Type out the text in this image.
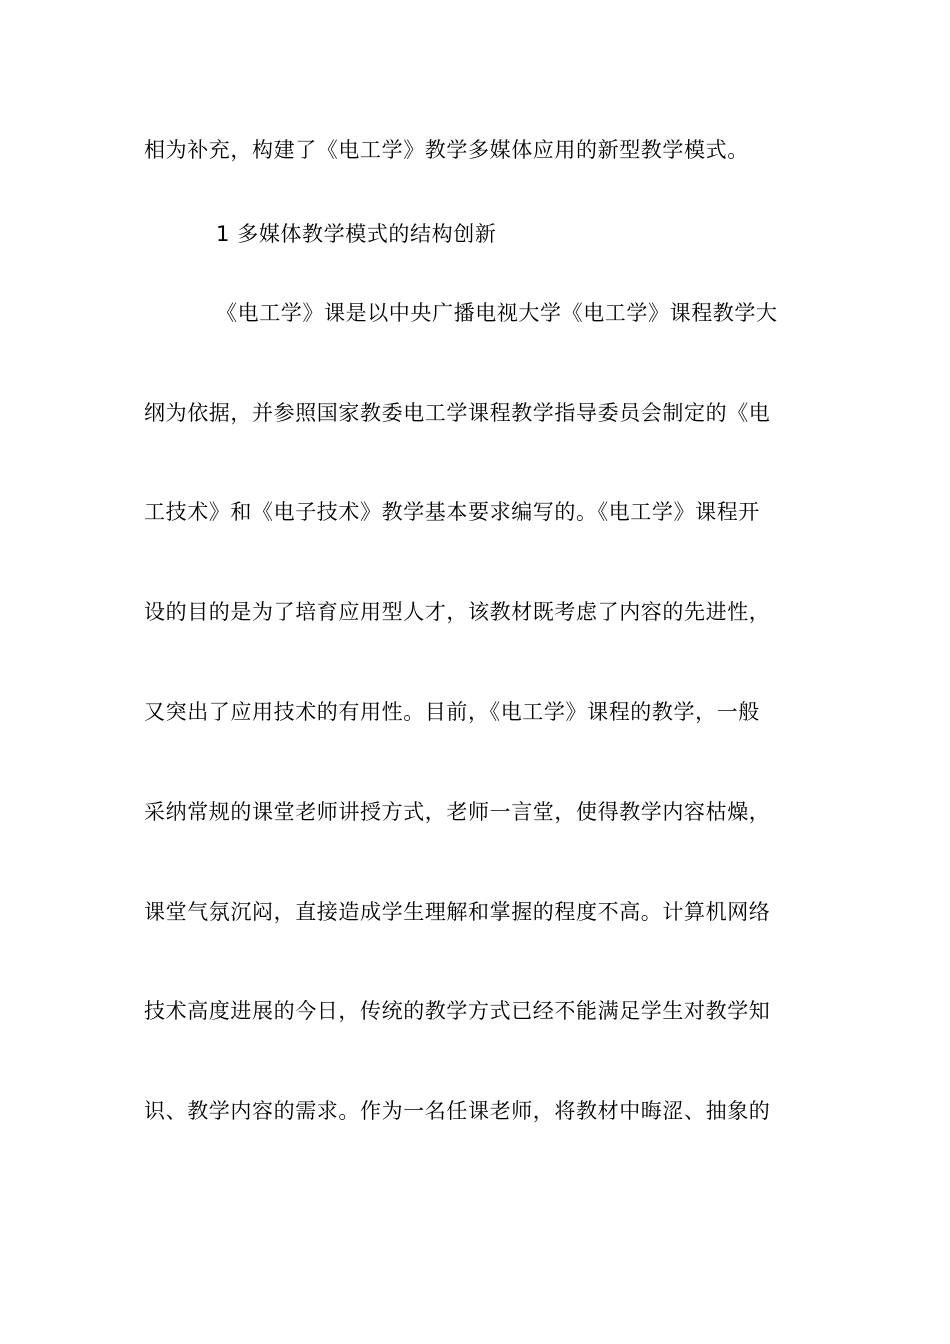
相为补充，构建了《电工学》教学多媒体应用的新型教学模式。
1 多媒体教学模式的结构创新
《电工学》课是以中央广播电视大学《电工学》课程教学大
纲为依据，并参照国家教委电工学课程教学指导委员会制定的《电
工技术》和《电子技术》教学基本要求编写的。《电工学》课程开
设的目的是为了培育应用型人才，该教材既考虑了内容的先进性，
又突出了应用技术的有用性。目前，《电工学》课程的教学，一般
采纳常规的课堂老师讲授方式，老师一言堂，使得教学内容枯燥，
课堂气氛沉闷，直接造成学生理解和掌握的程度不高。计算机网络
技术高度进展的今日，传统的教学方式已经不能满足学生对教学知
识、教学内容的需求。作为一名任课老师，将教材中晦涩、抽象的
